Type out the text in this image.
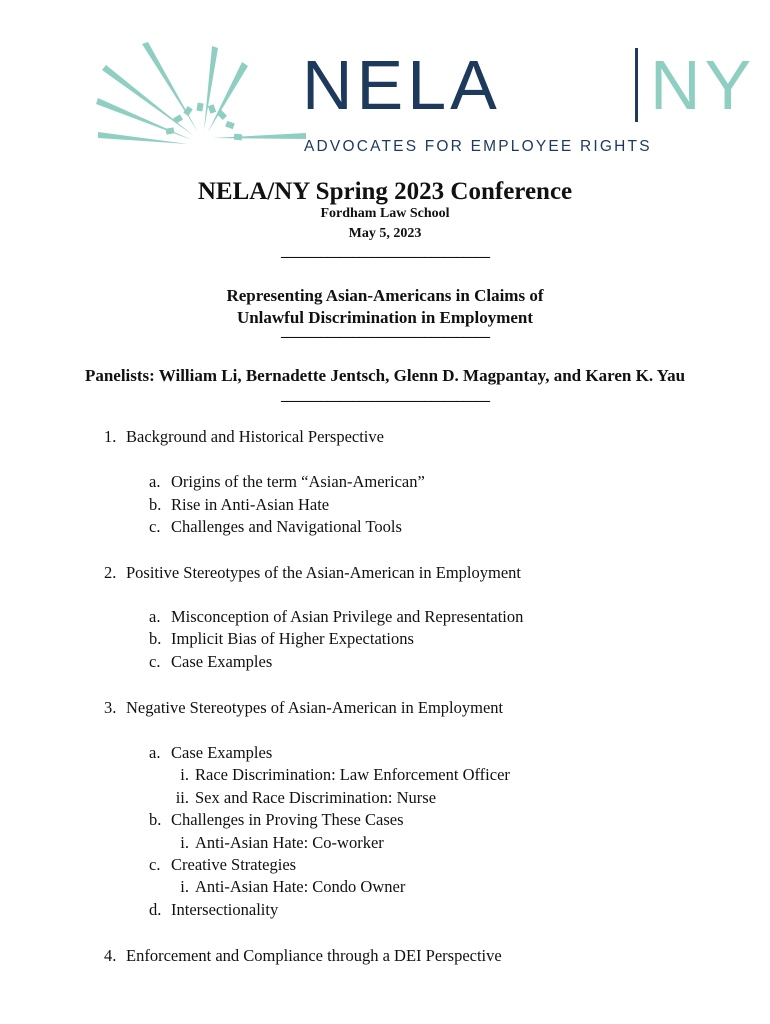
NELA NY
ADVOCATES FOR EMPLOYEE RIGHTS
NELA/NY Spring 2023 Conference
Fordham Law School
May 5, 2023
________________________________
Representing Asian-Americans in Claims of
Unlawful Discrimination in Employment
________________________________
Panelists: William Li, Bernadette Jentsch, Glenn D. Magpantay, and Karen K. Yau
________________________________
1. Background and Historical Perspective
a. Origins of the term “Asian-American”
b. Rise in Anti-Asian Hate
c. Challenges and Navigational Tools
2. Positive Stereotypes of the Asian-American in Employment
a. Misconception of Asian Privilege and Representation
b. Implicit Bias of Higher Expectations
c. Case Examples
3. Negative Stereotypes of Asian-American in Employment
a. Case Examples
i. Race Discrimination: Law Enforcement Officer
ii. Sex and Race Discrimination: Nurse
b. Challenges in Proving These Cases
i. Anti-Asian Hate: Co-worker
c. Creative Strategies
i. Anti-Asian Hate: Condo Owner
d. Intersectionality
4. Enforcement and Compliance through a DEI Perspective
